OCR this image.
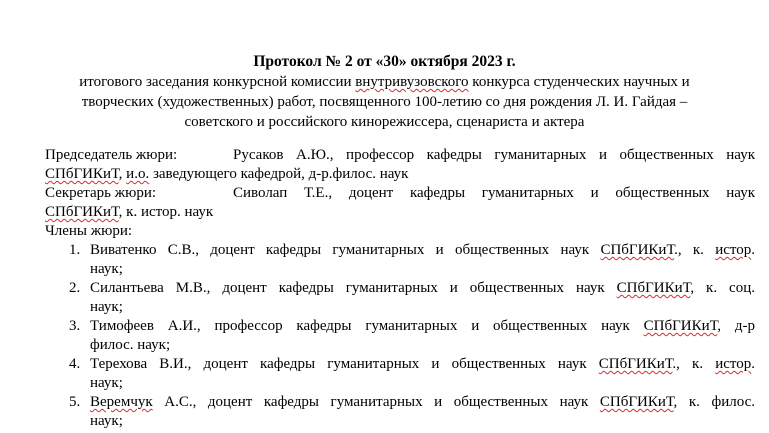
Протокол № 2 от «30» октября 2023 г.
итогового заседания конкурсной комиссии внутривузовского конкурса студенческих научных и
творческих (художественных) работ, посвященного 100-летию со дня рождения Л. И. Гайдая –
советского и российского кинорежиссера, сценариста и актера
Председатель жюри:	Русаков А.Ю., профессор кафедры гуманитарных и общественных наук
СПбГИКиТ, и.о. заведующего кафедрой, д-р.филос. наук
Секретарь жюри:	Сиволап Т.Е., доцент кафедры гуманитарных и общественных наук
СПбГИКиТ, к. истор. наук
Члены жюри:
1. Виватенко С.В., доцент кафедры гуманитарных и общественных наук СПбГИКиТ., к. истор.
наук;
2. Силантьева М.В., доцент кафедры гуманитарных и общественных наук СПбГИКиТ, к. соц.
наук;
3. Тимофеев А.И., профессор кафедры гуманитарных и общественных наук СПбГИКиТ, д-р
филос. наук;
4. Терехова В.И., доцент кафедры гуманитарных и общественных наук СПбГИКиТ., к. истор.
наук;
5. Веремчук А.С., доцент кафедры гуманитарных и общественных наук СПбГИКиТ, к. филос.
наук;
